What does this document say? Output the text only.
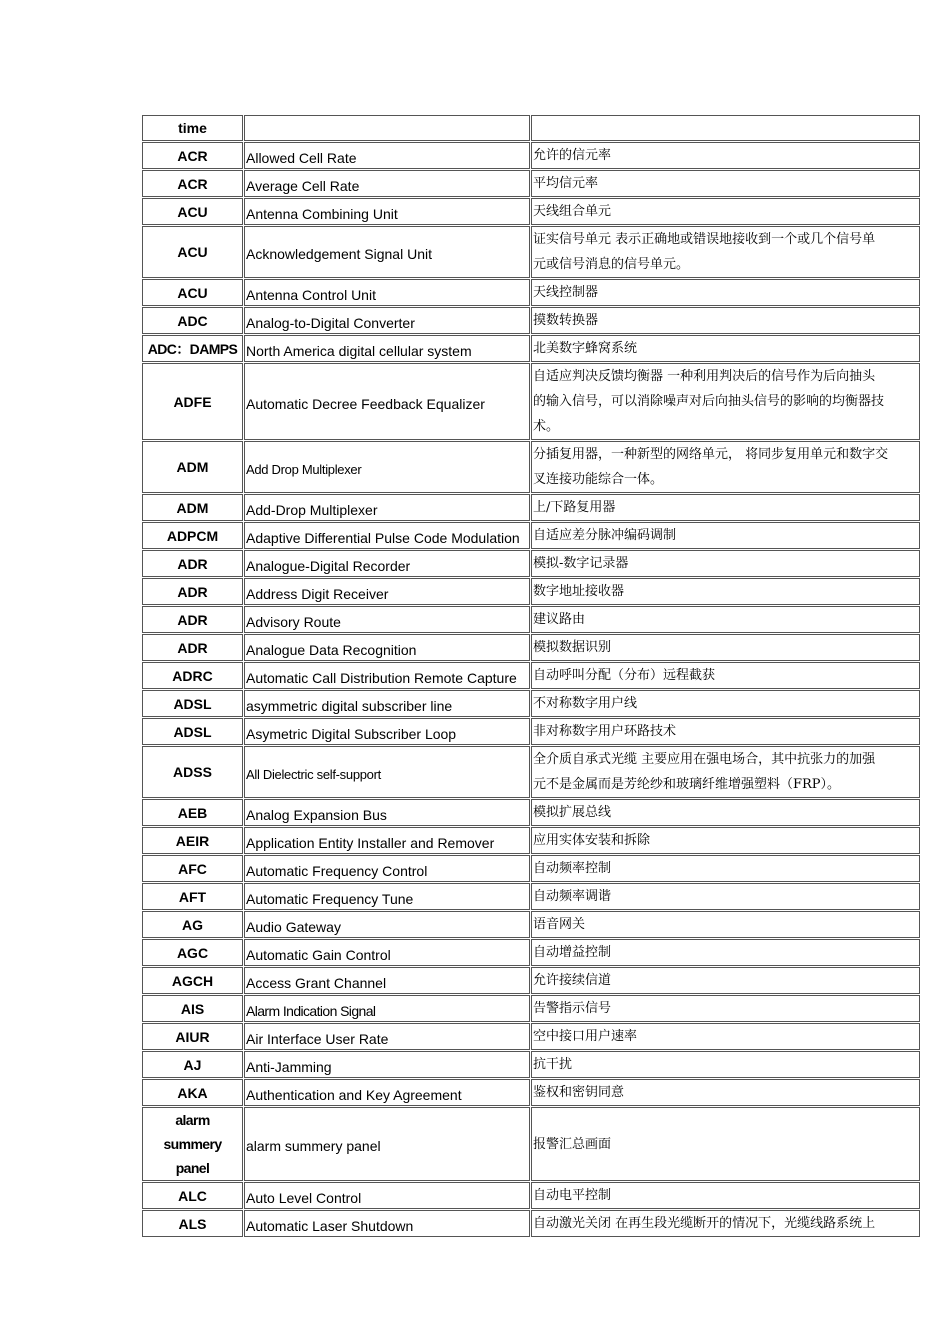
time		
ACR	Allowed Cell Rate	允许的信元率
ACR	Average Cell Rate	平均信元率
ACU	Antenna Combining Unit	天线组合单元
ACU	Acknowledgement Signal Unit	证实信号单元 表示正确地或错误地接收到一个或几个信号单
元或信号消息的信号单元。
ACU	Antenna Control Unit	天线控制器
ADC	Analog-to-Digital Converter	摸数转换器
ADC：DAMPS	North America digital cellular system	北美数字蜂窝系统
ADFE	Automatic Decree Feedback Equalizer	自适应判决反馈均衡器 一种利用判决后的信号作为后向抽头
的输入信号，可以消除噪声对后向抽头信号的影响的均衡器技
术。
ADM	Add Drop Multiplexer	分插复用器，一种新型的网络单元， 将同步复用单元和数字交
叉连接功能综合一体。
ADM	Add-Drop Multiplexer	上/下路复用器
ADPCM	Adaptive Differential Pulse Code Modulation	自适应差分脉冲编码调制
ADR	Analogue-Digital Recorder	模拟-数字记录器
ADR	Address Digit Receiver	数字地址接收器
ADR	Advisory Route	建议路由
ADR	Analogue Data Recognition	模拟数据识别
ADRC	Automatic Call Distribution Remote Capture	自动呼叫分配（分布）远程截获
ADSL	asymmetric digital subscriber line	不对称数字用户线
ADSL	Asymetric Digital Subscriber Loop	非对称数字用户环路技术
ADSS	All Dielectric self-support	全介质自承式光缆 主要应用在强电场合，其中抗张力的加强
元不是金属而是芳纶纱和玻璃纤维增强塑料（FRP）。
AEB	Analog Expansion Bus	模拟扩展总线
AEIR	Application Entity Installer and Remover	应用实体安装和拆除
AFC	Automatic Frequency Control	自动频率控制
AFT	Automatic Frequency Tune	自动频率调谐
AG	Audio Gateway	语音网关
AGC	Automatic Gain Control	自动增益控制
AGCH	Access Grant Channel	允许接续信道
AIS	Alarm Indication Signal	告警指示信号
AIUR	Air Interface User Rate	空中接口用户速率
AJ	Anti-Jamming	抗干扰
AKA	Authentication and Key Agreement	鉴权和密钥同意
alarm
summery
panel	alarm summery panel	报警汇总画面
ALC	Auto Level Control	自动电平控制
ALS	Automatic Laser Shutdown	自动激光关闭 在再生段光缆断开的情况下，光缆线路系统上
